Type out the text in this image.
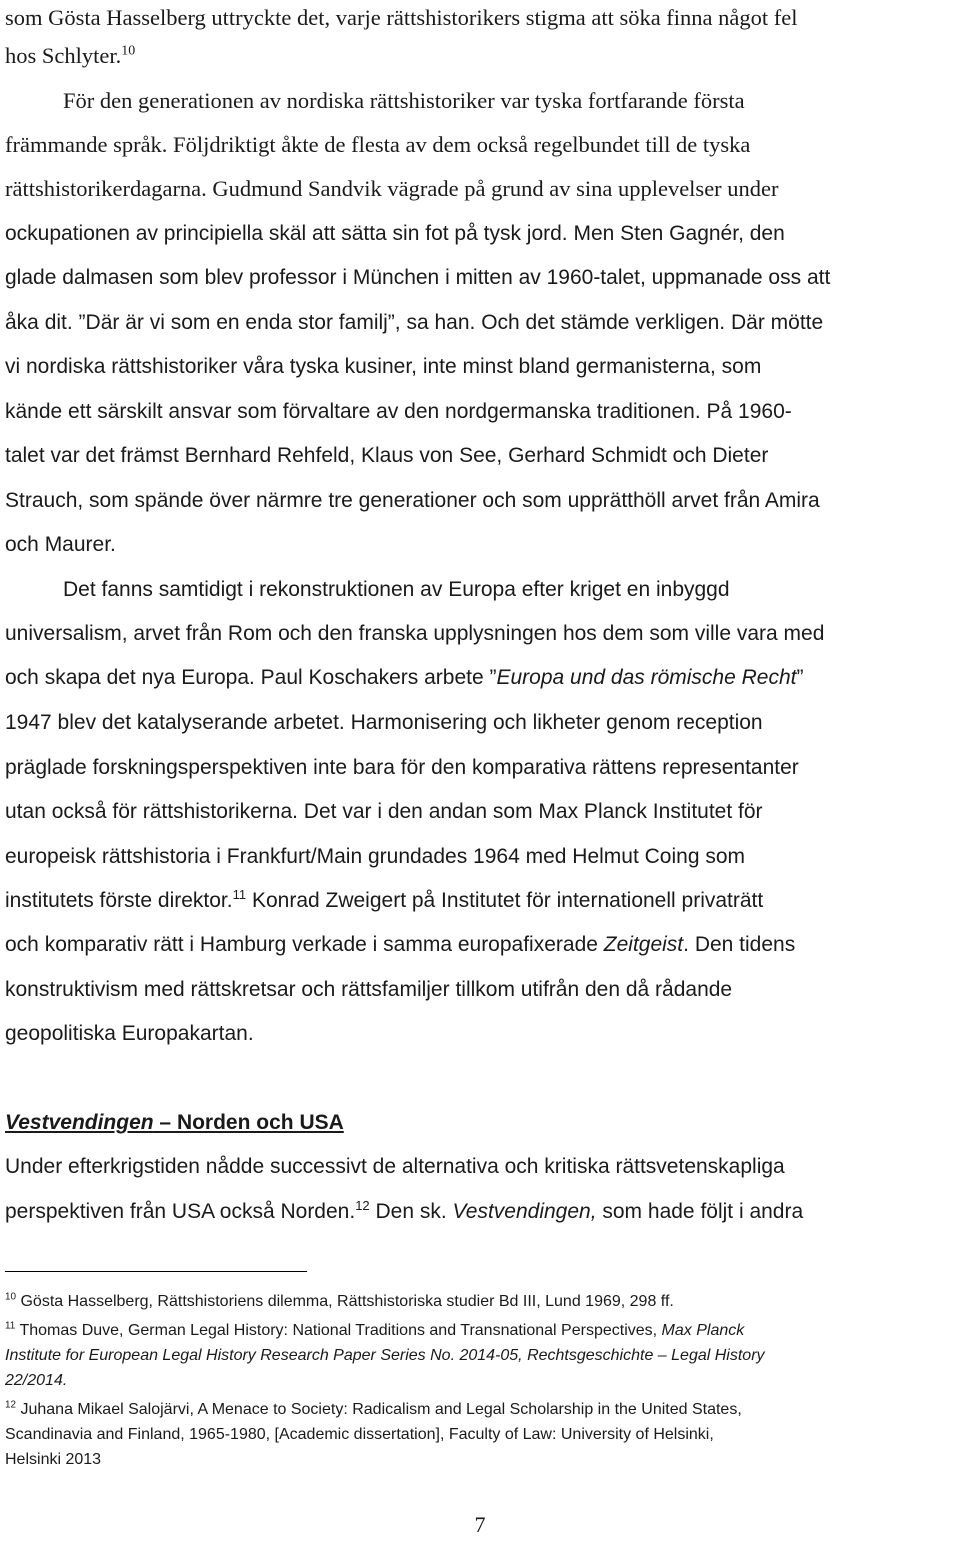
som Gösta Hasselberg uttryckte det, varje rättshistorikers stigma att söka finna något fel
hos Schlyter.$^{10}$
För den generationen av nordiska rättshistoriker var tyska fortfarande första
främmande språk. Följdriktigt åkte de flesta av dem också regelbundet till de tyska
rättshistorikerdagarna. Gudmund Sandvik vägrade på grund av sina upplevelser under
ockupationen av principiella skäl att sätta sin fot på tysk jord. Men Sten Gagnér, den
glade dalmasen som blev professor i München i mitten av 1960-talet, uppmanade oss att
åka dit. ”Där är vi som en enda stor familj”, sa han. Och det stämde verkligen. Där mötte
vi nordiska rättshistoriker våra tyska kusiner, inte minst bland germanisterna, som
kände ett särskilt ansvar som förvaltare av den nordgermanska traditionen. På 1960-
talet var det främst Bernhard Rehfeld, Klaus von See, Gerhard Schmidt och Dieter
Strauch, som spände över närmre tre generationer och som upprätthöll arvet från Amira
och Maurer.
Det fanns samtidigt i rekonstruktionen av Europa efter kriget en inbyggd
universalism, arvet från Rom och den franska upplysningen hos dem som ville vara med
och skapa det nya Europa. Paul Koschakers arbete ”Europa und das römische Recht”
1947 blev det katalyserande arbetet. Harmonisering och likheter genom reception
präglade forskningsperspektiven inte bara för den komparativa rättens representanter
utan också för rättshistorikerna. Det var i den andan som Max Planck Institutet för
europeisk rättshistoria i Frankfurt/Main grundades 1964 med Helmut Coing som
institutets förste direktor.$^{11}$ Konrad Zweigert på Institutet för internationell privaträtt
och komparativ rätt i Hamburg verkade i samma europafixerade Zeitgeist. Den tidens
konstruktivism med rättskretsar och rättsfamiljer tillkom utifrån den då rådande
geopolitiska Europakartan.
Vestvendingen – Norden och USA
Under efterkrigstiden nådde successivt de alternativa och kritiska rättsvetenskapliga
perspektiven från USA också Norden.$^{12}$ Den sk. Vestvendingen, som hade följt i andra
$^{10}$ Gösta Hasselberg, Rättshistoriens dilemma, Rättshistoriska studier Bd III, Lund 1969, 298 ff.
$^{11}$ Thomas Duve, German Legal History: National Traditions and Transnational Perspectives, Max Planck
Institute for European Legal History Research Paper Series No. 2014-05, Rechtsgeschichte – Legal History
22/2014.
$^{12}$ Juhana Mikael Salojärvi, A Menace to Society: Radicalism and Legal Scholarship in the United States,
Scandinavia and Finland, 1965-1980, [Academic dissertation], Faculty of Law: University of Helsinki,
Helsinki 2013
7
